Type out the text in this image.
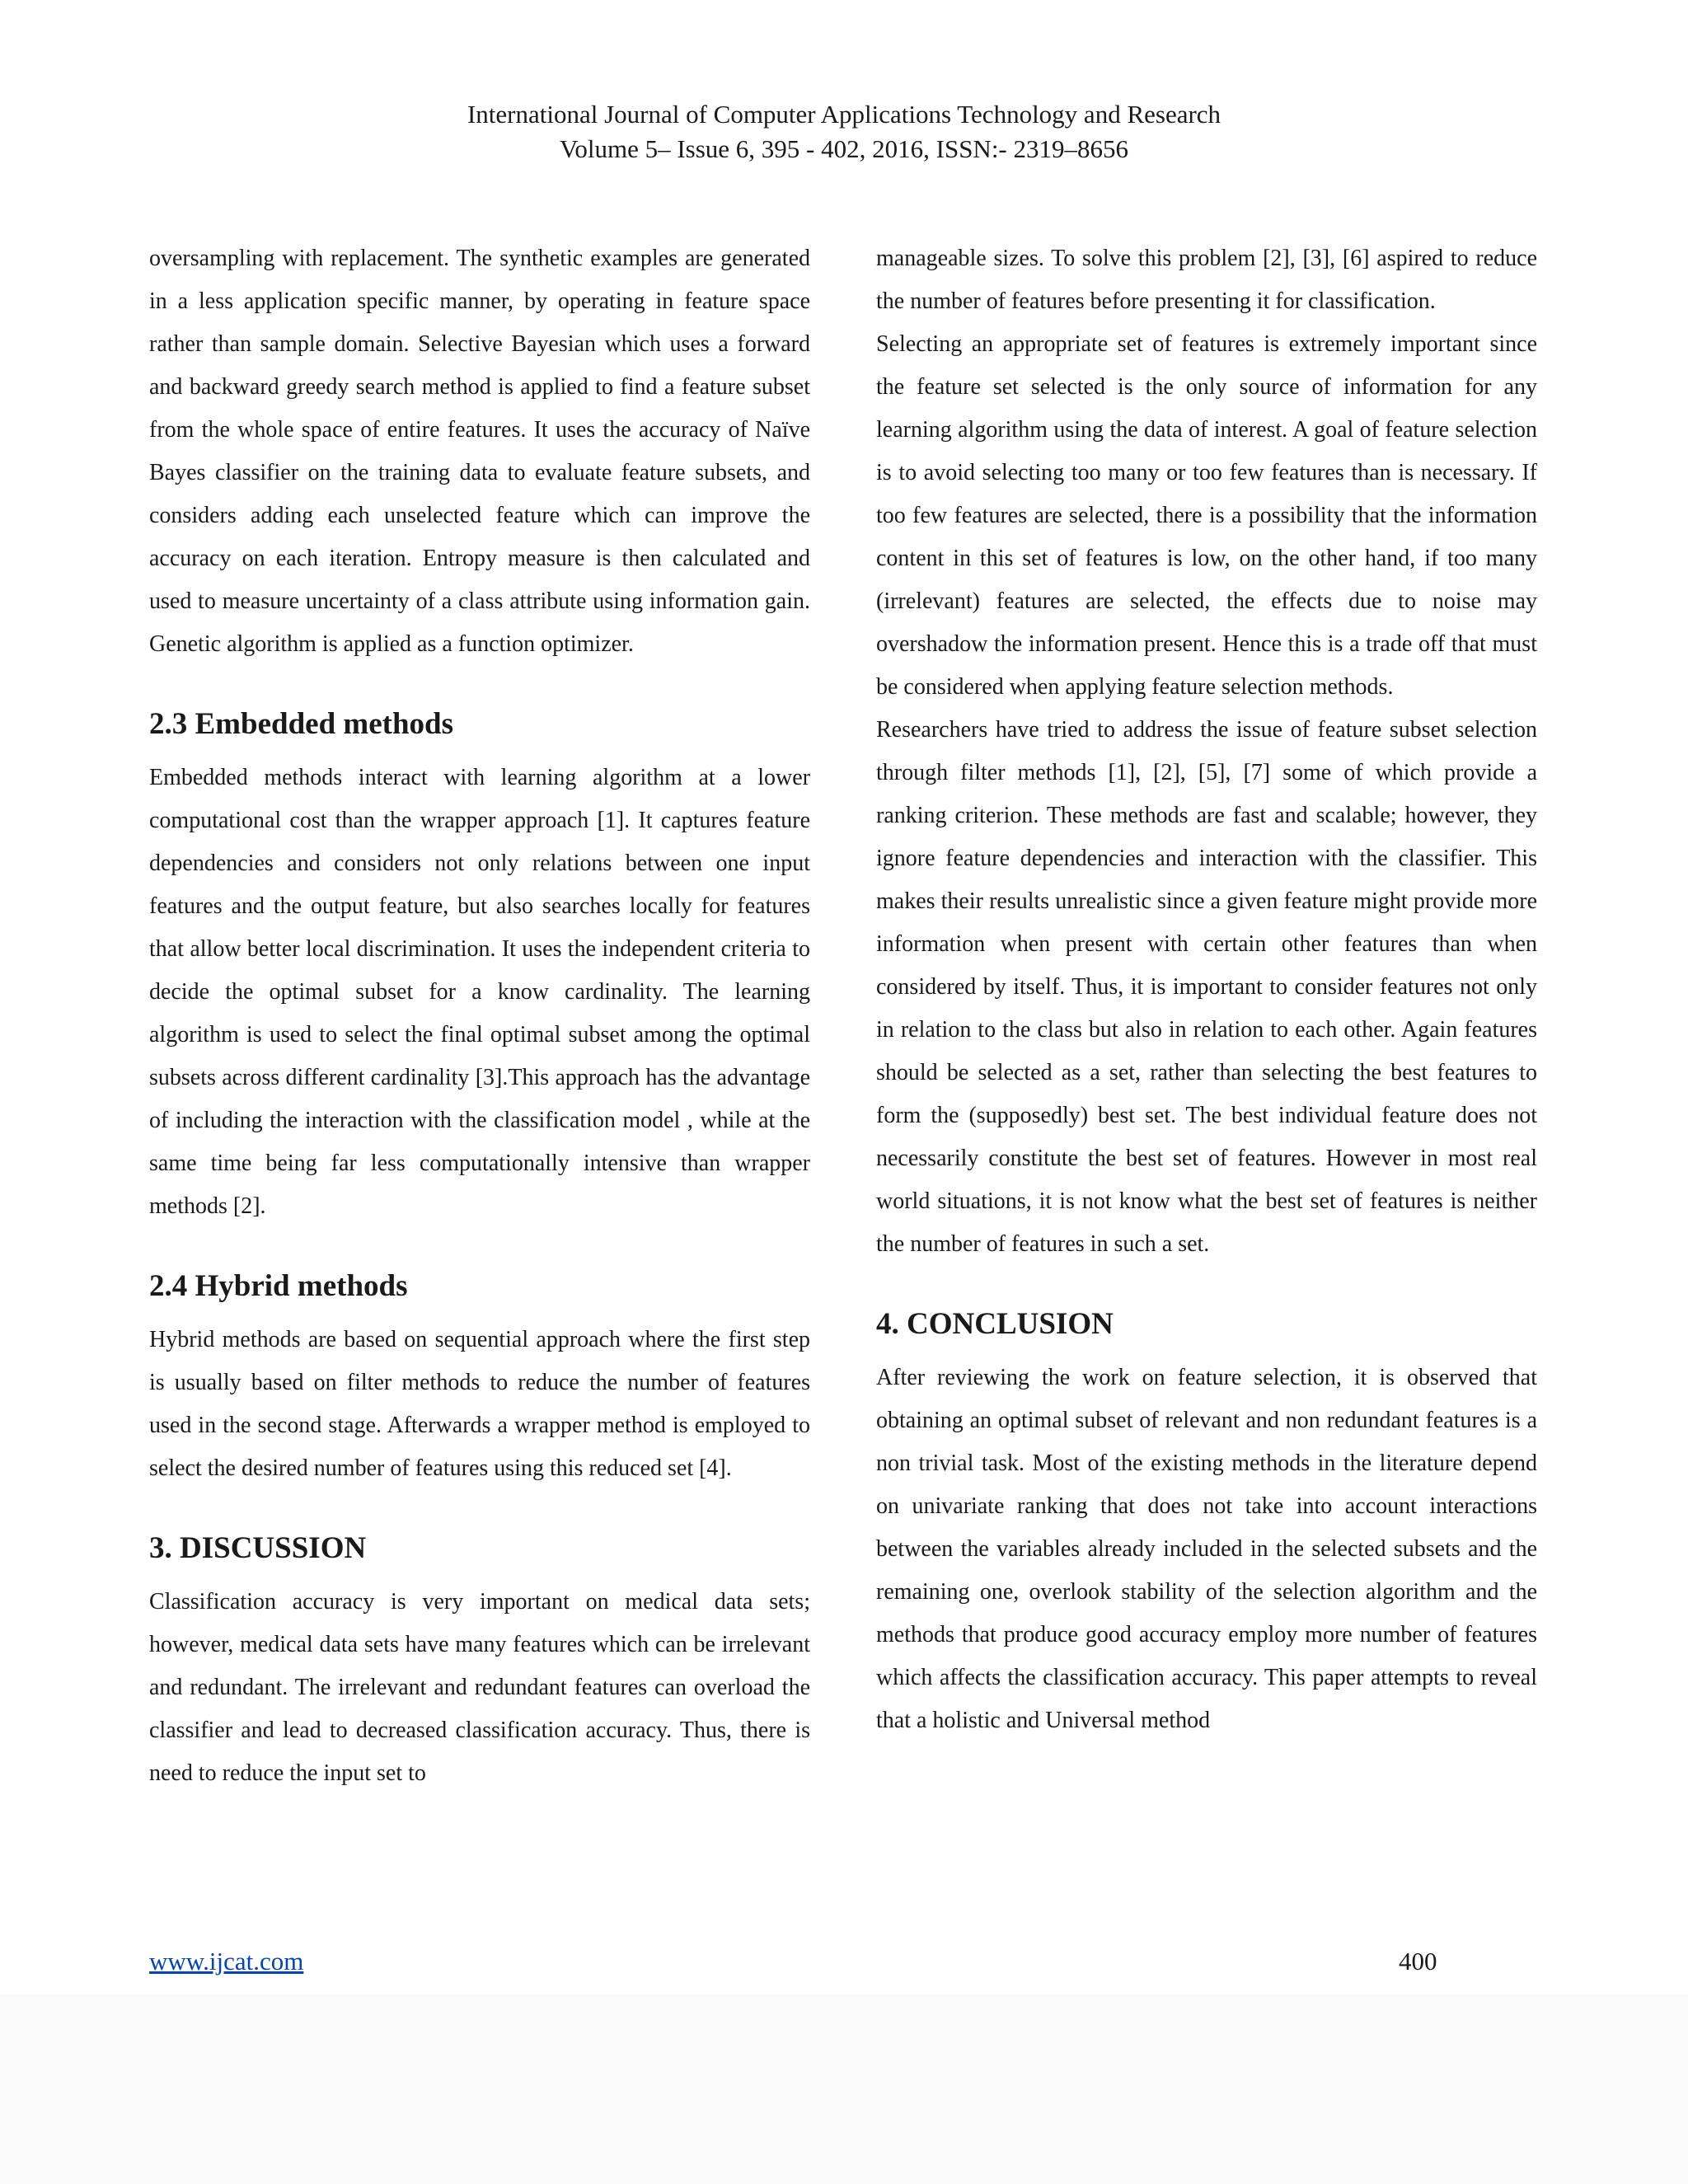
International Journal of Computer Applications Technology and Research
Volume 5– Issue 6, 395 - 402, 2016, ISSN:- 2319–8656

oversampling with replacement. The synthetic examples are generated in a less application specific manner, by operating in feature space rather than sample domain. Selective Bayesian which uses a forward and backward greedy search method is applied to find a feature subset from the whole space of entire features. It uses the accuracy of Naïve Bayes classifier on the training data to evaluate feature subsets, and considers adding each unselected feature which can improve the accuracy on each iteration. Entropy measure is then calculated and used to measure uncertainty of a class attribute using information gain. Genetic algorithm is applied as a function optimizer.

2.3 Embedded methods

Embedded methods interact with learning algorithm at a lower computational cost than the wrapper approach [1]. It captures feature dependencies and considers not only relations between one input features and the output feature, but also searches locally for features that allow better local discrimination. It uses the independent criteria to decide the optimal subset for a know cardinality. The learning algorithm is used to select the final optimal subset among the optimal subsets across different cardinality [3].This approach has the advantage of including the interaction with the classification model , while at the same time being far less computationally intensive than wrapper methods [2].

2.4 Hybrid methods

Hybrid methods are based on sequential approach where the first step is usually based on filter methods to reduce the number of features used in the second stage. Afterwards a wrapper method is employed to select the desired number of features using this reduced set [4].

3. DISCUSSION

Classification accuracy is very important on medical data sets; however, medical data sets have many features which can be irrelevant and redundant. The irrelevant and redundant features can overload the classifier and lead to decreased classification accuracy. Thus, there is need to reduce the input set to

manageable sizes. To solve this problem [2], [3], [6] aspired to reduce the number of features before presenting it for classification.

Selecting an appropriate set of features is extremely important since the feature set selected is the only source of information for any learning algorithm using the data of interest. A goal of feature selection is to avoid selecting too many or too few features than is necessary. If too few features are selected, there is a possibility that the information content in this set of features is low, on the other hand, if too many (irrelevant) features are selected, the effects due to noise may overshadow the information present. Hence this is a trade off that must be considered when applying feature selection methods.

Researchers have tried to address the issue of feature subset selection through filter methods [1], [2], [5], [7] some of which provide a ranking criterion. These methods are fast and scalable; however, they ignore feature dependencies and interaction with the classifier. This makes their results unrealistic since a given feature might provide more information when present with certain other features than when considered by itself. Thus, it is important to consider features not only in relation to the class but also in relation to each other. Again features should be selected as a set, rather than selecting the best features to form the (supposedly) best set. The best individual feature does not necessarily constitute the best set of features. However in most real world situations, it is not know what the best set of features is neither the number of features in such a set.

4. CONCLUSION

After reviewing the work on feature selection, it is observed that obtaining an optimal subset of relevant and non redundant features is a non trivial task. Most of the existing methods in the literature depend on univariate ranking that does not take into account interactions between the variables already included in the selected subsets and the remaining one, overlook stability of the selection algorithm and the methods that produce good accuracy employ more number of features which affects the classification accuracy. This paper attempts to reveal that a holistic and Universal method

www.ijcat.com	400
